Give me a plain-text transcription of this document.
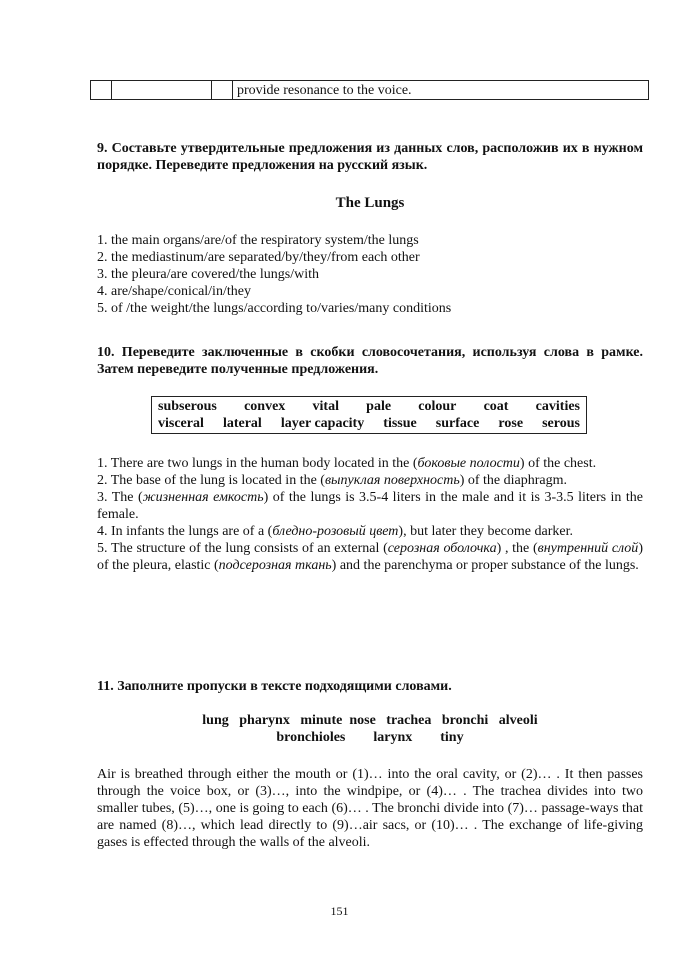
provide resonance to the voice.
9. Составьте утвердительные предложения из данных слов, расположив их в нужном порядке. Переведите предложения на русский язык.
The Lungs
1. the main organs/are/of the respiratory system/the lungs
2. the mediastinum/are separated/by/they/from each other
3. the pleura/are covered/the lungs/with
4. are/shape/conical/in/they
5. of /the weight/the lungs/according to/varies/many conditions
10. Переведите заключенные в скобки словосочетания, используя слова в рамке. Затем переведите полученные предложения.
subserous convex vital pale colour coat cavities
visceral lateral layer capacity tissue surface rose serous
1. There are two lungs in the human body located in the (боковые полости) of the chest.
2. The base of the lung is located in the (выпуклая поверхность) of the diaphragm.
3. The (жизненная емкость) of the lungs is 3.5-4 liters in the male and it is 3-3.5 liters in the female.
4. In infants the lungs are of a (бледно-розовый цвет), but later they become darker.
5. The structure of the lung consists of an external (серозная оболочка) , the (внутренний слой) of the pleura, elastic (подсерозная ткань) and the parenchyma or proper substance of the lungs.
11. Заполните пропуски в тексте подходящими словами.
lung   pharynx   minute  nose   trachea   bronchi   alveoli
bronchioles        larynx        tiny
Air is breathed through either the mouth or (1)… into the oral cavity, or (2)… . It then passes through the voice box, or (3)…, into the windpipe, or (4)… . The trachea divides into two smaller tubes, (5)…, one is going to each (6)… . The bronchi divide into (7)… passage-ways that are named (8)…, which lead directly to (9)…air sacs, or (10)… . The exchange of life-giving gases is effected through the walls of the alveoli.
151
